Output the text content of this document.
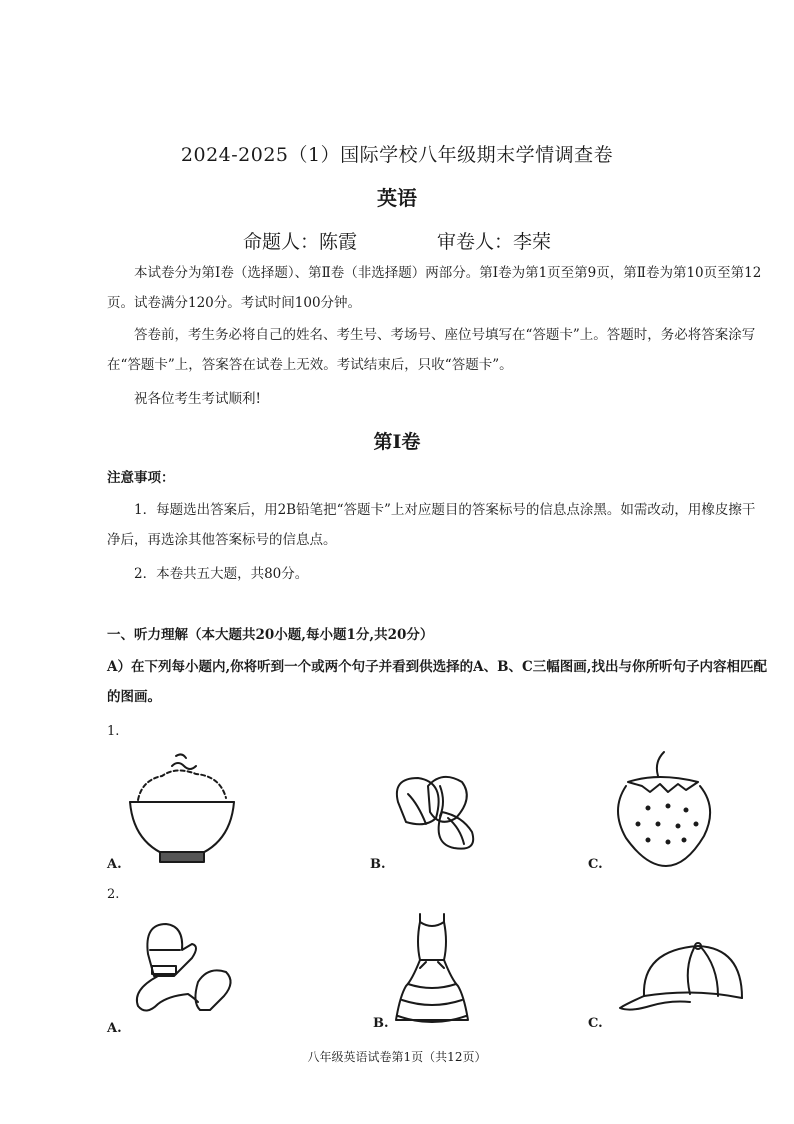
2024-2025（1）国际学校八年级期末学情调查卷
英语
命题人：陈霞	审卷人：李荣
本试卷分为第Ⅰ卷（选择题）、第Ⅱ卷（非选择题）两部分。第Ⅰ卷为第1页至第9页，第Ⅱ卷为第10页至第12页。试卷满分120分。考试时间100分钟。
答卷前，考生务必将自己的姓名、考生号、考场号、座位号填写在“答题卡”上。答题时，务必将答案涂写在“答题卡”上，答案答在试卷上无效。考试结束后，只收“答题卡”。
祝各位考生考试顺利!
第Ⅰ卷
注意事项：
1．每题选出答案后，用2B铅笔把“答题卡”上对应题目的答案标号的信息点涂黑。如需改动，用橡皮擦干净后，再选涂其他答案标号的信息点。
2．本卷共五大题，共80分。
一、听力理解（本大题共20小题,每小题1分,共20分）
A）在下列每小题内,你将听到一个或两个句子并看到供选择的A、B、C三幅图画,找出与你所听句子内容相匹配的图画。
1.
A.	B.	C.
2.
A.	B.	C.
八年级英语试卷第1页（共12页）
